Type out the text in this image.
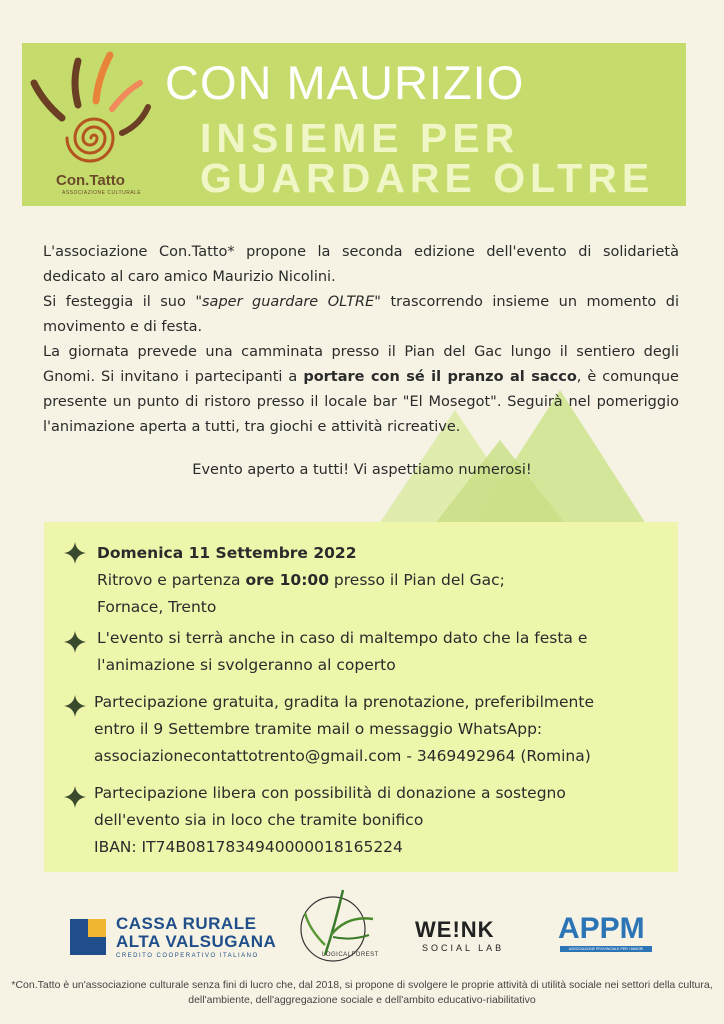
Con.Tatto
ASSOCIAZIONE CULTURALE
CON MAURIZIO
INSIEME PER
GUARDARE OLTRE

L'associazione Con.Tatto* propone la seconda edizione dell'evento di solidarietà dedicato al caro amico Maurizio Nicolini.

Si festeggia il suo "saper guardare OLTRE" trascorrendo insieme un momento di movimento e di festa.

La giornata prevede una camminata presso il Pian del Gac lungo il sentiero degli Gnomi. Si invitano i partecipanti a portare con sé il pranzo al sacco, è comunque presente un punto di ristoro presso il locale bar "El Mosegot". Seguirà nel pomeriggio l'animazione aperta a tutti, tra giochi e attività ricreative.

Evento aperto a tutti! Vi aspettiamo numerosi!
Domenica 11 Settembre 2022
Ritrovo e partenza ore 10:00 presso il Pian del Gac;
Fornace, Trento
L'evento si terrà anche in caso di maltempo dato che la festa e l'animazione si svolgeranno al coperto
Partecipazione gratuita, gradita la prenotazione, preferibilmente
entro il 9 Settembre tramite mail o messaggio WhatsApp:
associazionecontattotrento@gmail.com - 3469492964 (Romina)
Partecipazione libera con possibilità di donazione a sostegno
dell'evento sia in loco che tramite bonifico
IBAN: IT74B0817834940000018165224
CASSA RURALE
ALTA VALSUGANA
CREDITO COOPERATIVO ITALIANO	LOGICALFOREST
WE!NK
SOCIAL LAB
APPM
ASSOCIAZIONE PROVINCIALE PER I MINORI
*Con.Tatto è un'associazione culturale senza fini di lucro che, dal 2018, si propone di svolgere le proprie attività di utilità sociale nei settori della cultura, dell'ambiente, dell'aggregazione sociale e dell'ambito educativo-riabilitativo
